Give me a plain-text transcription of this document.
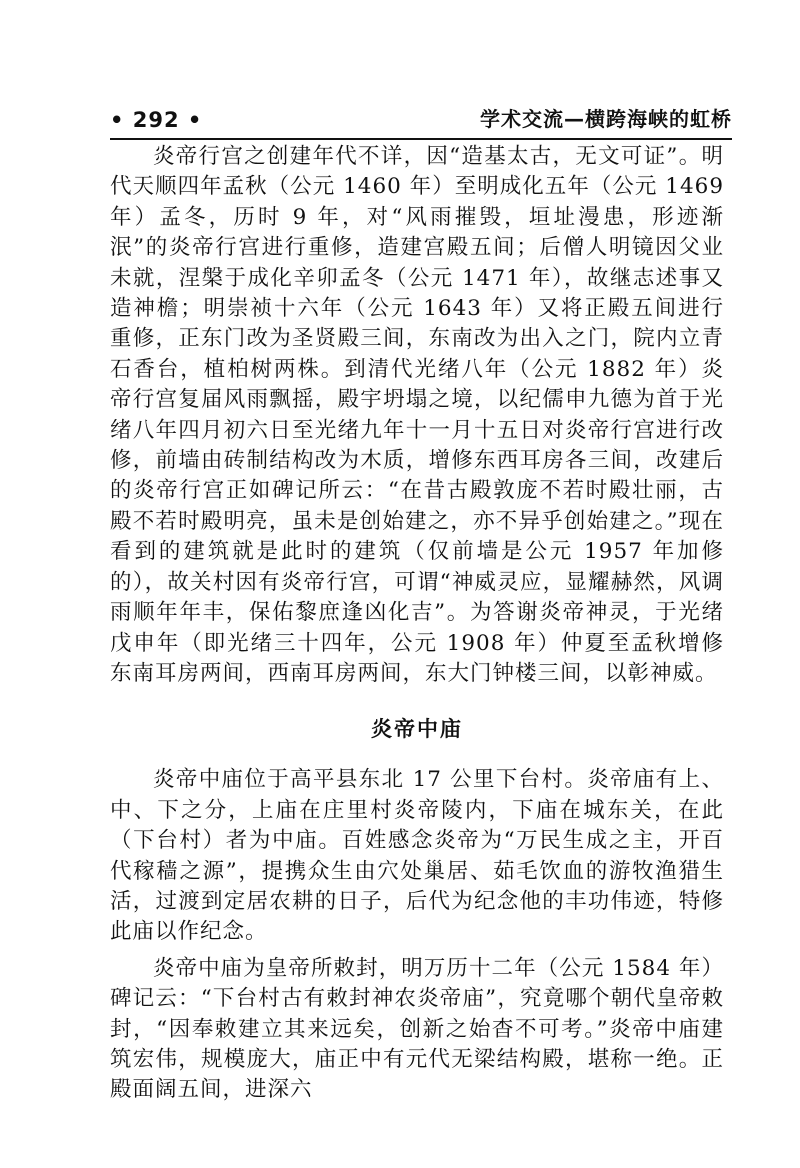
• 292 •	学术交流—横跨海峡的虹桥

炎帝行宫之创建年代不详，因“造基太古，无文可证”。明代天顺四年孟秋（公元 1460 年）至明成化五年（公元 1469 年）孟冬，历时 9 年，对“风雨摧毁，垣址漫患，形迹渐泯”的炎帝行宫进行重修，造建宫殿五间；后僧人明镜因父业未就，涅槃于成化辛卯孟冬（公元 1471 年），故继志述事又造神檐；明崇祯十六年（公元 1643 年）又将正殿五间进行重修，正东门改为圣贤殿三间，东南改为出入之门，院内立青石香台，植柏树两株。到清代光绪八年（公元 1882 年）炎帝行宫复届风雨飘摇，殿宇坍塌之境，以纪儒申九德为首于光绪八年四月初六日至光绪九年十一月十五日对炎帝行宫进行改修，前墙由砖制结构改为木质，增修东西耳房各三间，改建后的炎帝行宫正如碑记所云：“在昔古殿敦庞不若时殿壮丽，古殿不若时殿明亮，虽未是创始建之，亦不异乎创始建之。”现在看到的建筑就是此时的建筑（仅前墙是公元 1957 年加修的），故关村因有炎帝行宫，可谓“神威灵应，显耀赫然，风调雨顺年年丰，保佑黎庶逢凶化吉”。为答谢炎帝神灵，于光绪戊申年（即光绪三十四年，公元 1908 年）仲夏至孟秋增修东南耳房两间，西南耳房两间，东大门钟楼三间，以彰神威。

炎帝中庙

炎帝中庙位于高平县东北 17 公里下台村。炎帝庙有上、中、下之分，上庙在庄里村炎帝陵内，下庙在城东关，在此（下台村）者为中庙。百姓感念炎帝为“万民生成之主，开百代稼穑之源”，提携众生由穴处巢居、茹毛饮血的游牧渔猎生活，过渡到定居农耕的日子，后代为纪念他的丰功伟迹，特修此庙以作纪念。

炎帝中庙为皇帝所敕封，明万历十二年（公元 1584 年）碑记云：“下台村古有敕封神农炎帝庙”，究竟哪个朝代皇帝敕封，“因奉敕建立其来远矣，创新之始杳不可考。”炎帝中庙建筑宏伟，规模庞大，庙正中有元代无梁结构殿，堪称一绝。正殿面阔五间，进深六
